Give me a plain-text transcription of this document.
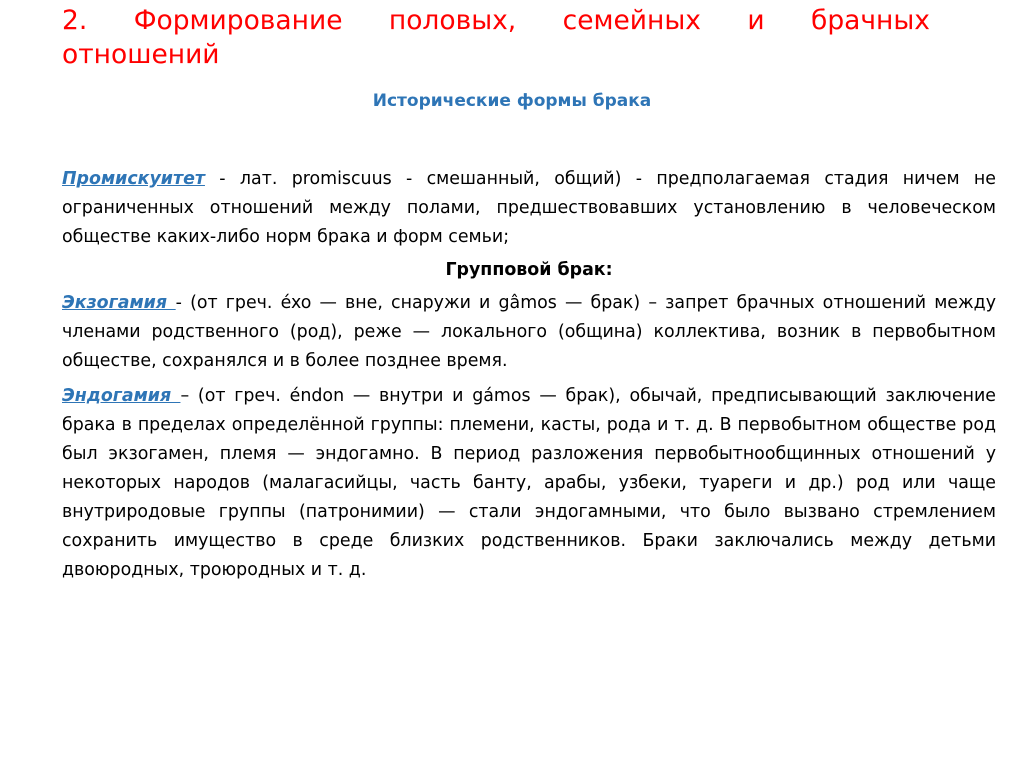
2. Формирование половых, семейных и брачных
отношений

Исторические формы брака

Промискуитет - лат. promiscuus - смешанный, общий) - предполагаемая стадия ничем не ограниченных отношений между полами, предшествовавших установлению в человеческом обществе каких-либо норм брака и форм семьи;

Групповой брак:

Экзогамия - (от греч. éxo — вне, снаружи и gâmos — брак) – запрет брачных отношений между членами родственного (род), реже — локального (община) коллектива, возник в первобытном обществе, сохранялся и в более позднее время.

Эндогамия – (от греч. éndon — внутри и gámos — брак), обычай, предписывающий заключение брака в пределах определённой группы: племени, касты, рода и т. д. В первобытном обществе род был экзогамен, племя — эндогамно. В период разложения первобытнообщинных отношений у некоторых народов (малагасийцы, часть банту, арабы, узбеки, туареги и др.) род или чаще внутриродовые группы (патронимии) — стали эндогамными, что было вызвано стремлением сохранить имущество в среде близких родственников. Браки заключались между детьми двоюродных, троюродных и т. д.
